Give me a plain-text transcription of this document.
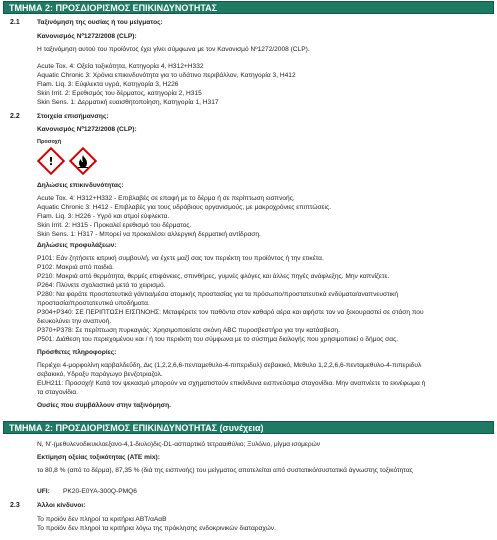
ΤΜΗΜΑ 2: ΠΡΟΣΔΙΟΡΙΣΜΟΣ ΕΠΙΚΙΝΔΥΝΟΤΗΤΑΣ
2.1	Ταξινόμηση της ουσίας ή του μείγματος:
Κανονισμός Nº1272/2008 (CLP):
Η ταξινόμηση αυτού του προϊόντος έχει γίνει σύμφωνα με τον Κανονισμό Nº1272/2008 (CLP).
Acute Tox. 4: Οξεία τοξικότητα, Κατηγορία 4, H312+H332
Aquatic Chronic 3: Χρόνια επικινδυνότητα για το υδάτινο περιβάλλον, Κατηγορία 3, H412
Flam. Liq. 3: Εύφλεκτα υγρά, Κατηγορία 3, H226
Skin Irrit. 2: Ερεθισμός του δέρματος, κατηγορία 2, H315
Skin Sens. 1: Δερματική ευαισθητοποίηση, Κατηγορία 1, H317
2.2	Στοιχεία επισήμανσης:
Κανονισμός Nº1272/2008 (CLP):
Προσοχή
!
Δηλώσεις επικινδυνότητας:
Acute Tox. 4: H312+H332 - Επιβλαβές σε επαφή με το δέρμα ή σε περίπτωση εισπνοής.
Aquatic Chronic 3: H412 - Επιβλαβές για τους υδρόβιους οργανισμούς, με μακροχρόνιες επιπτώσεις.
Flam. Liq. 3: H226 - Υγρό και ατμοί εύφλεκτα.
Skin Irrit. 2: H315 - Προκαλεί ερεθισμό του δέρματος.
Skin Sens. 1: H317 - Μπορεί να προκαλέσει αλλεργική δερματική αντίδραση.
Δηλώσεις προφυλάξεων:
P101: Εάν ζητήσετε ιατρική συμβουλή, να έχετε μαζί σας τον περιέκτη του προϊόντος ή την ετικέτα.
P102: Μακριά από παιδιά.
P210: Μακριά από θερμότητα, θερμές επιφάνειες, σπινθήρες, γυμνές φλόγες και άλλες πηγές ανάφλεξης. Μην καπνίζετε.
P264: Πλύνετε σχολαστικά μετά το χειρισμό.
P280: Να φοράτε προστατευτικά γάντια/μέσα ατομικής προστασίας για τα πρόσωπο/προστατευτικά ενδύματα/αναπνευστική
προστασία/προστατευτικά υποδήματα.
P304+P340: ΣΕ ΠΕΡΙΠΤΩΣΗ ΕΙΣΠΝΟΗΣ: Μεταφέρετε τον παθόντα στον καθαρό αέρα και αφήστε τον να ξεκουραστεί σε στάση που
διευκολύνει την αναπνοή.
P370+P378: Σε περίπτωση πυρκαγιάς: Χρησιμοποιείστε σκόνη ABC πυροσβεστήρα για την κατάσβεση.
P501: Διάθεση του περιεχομένου και / ή του περιέκτη του σύμφωνα με το σύστημα διαλογής που χρησιμοποιεί ο δήμος σας.
Πρόσθετες πληροφορίες:
Περιέχει 4-μορφολίνη καρβαλδεΰδη, Δις (1,2,2,6,6-πενταμεθυλο-4-πιπεριδυλ) σεβακικό, Μεθυλο 1,2,2,6,6-πενταμεθυλο-4-πιπεριδυλ
σεβακικό, Υδροξυ παράγωγο βενζοτριαζολ.
EUH211: Προσοχή! Κατά τον ψεκασμό μπορούν να σχηματιστούν επικίνδυνα εισπνεύσιμα σταγονίδια. Μην αναπνέετε το εκνέφωμα ή
τα σταγονίδια.
Ουσίες που συμβάλλουν στην ταξινόμηση.
ΤΜΗΜΑ 2: ΠΡΟΣΔΙΟΡΙΣΜΟΣ ΕΠΙΚΙΝΔΥΝΟΤΗΤΑΣ (συνέχεια)
N, N'-(μεθυλενοδικυκλοεξανο-4,1-διυλο)δις-DL-ασπαρτικό τετρααιθύλιο; Ξυλόλιο, μίγμα ισομερών
Εκτίμηση οξείας τοξικότητας (ATE mix):
το 80,8 % (από το δέρμα), 87,35 % (διά της εισπνοής) του μείγματος αποτελείται από συστατικό/συστατικά άγνωστης τοξικότητας
UFI: PK20-E0YA-300Q-PMQ6
2.3	Άλλοι κίνδυνοι:
Το προϊόν δεν πληροί τα κριτήρια ΑΒΤ/αΑαΒ
Το προϊόν δεν πληροί τα κριτήρια λόγω της πρόκλησης ενδοκρινικών διαταραχών.
